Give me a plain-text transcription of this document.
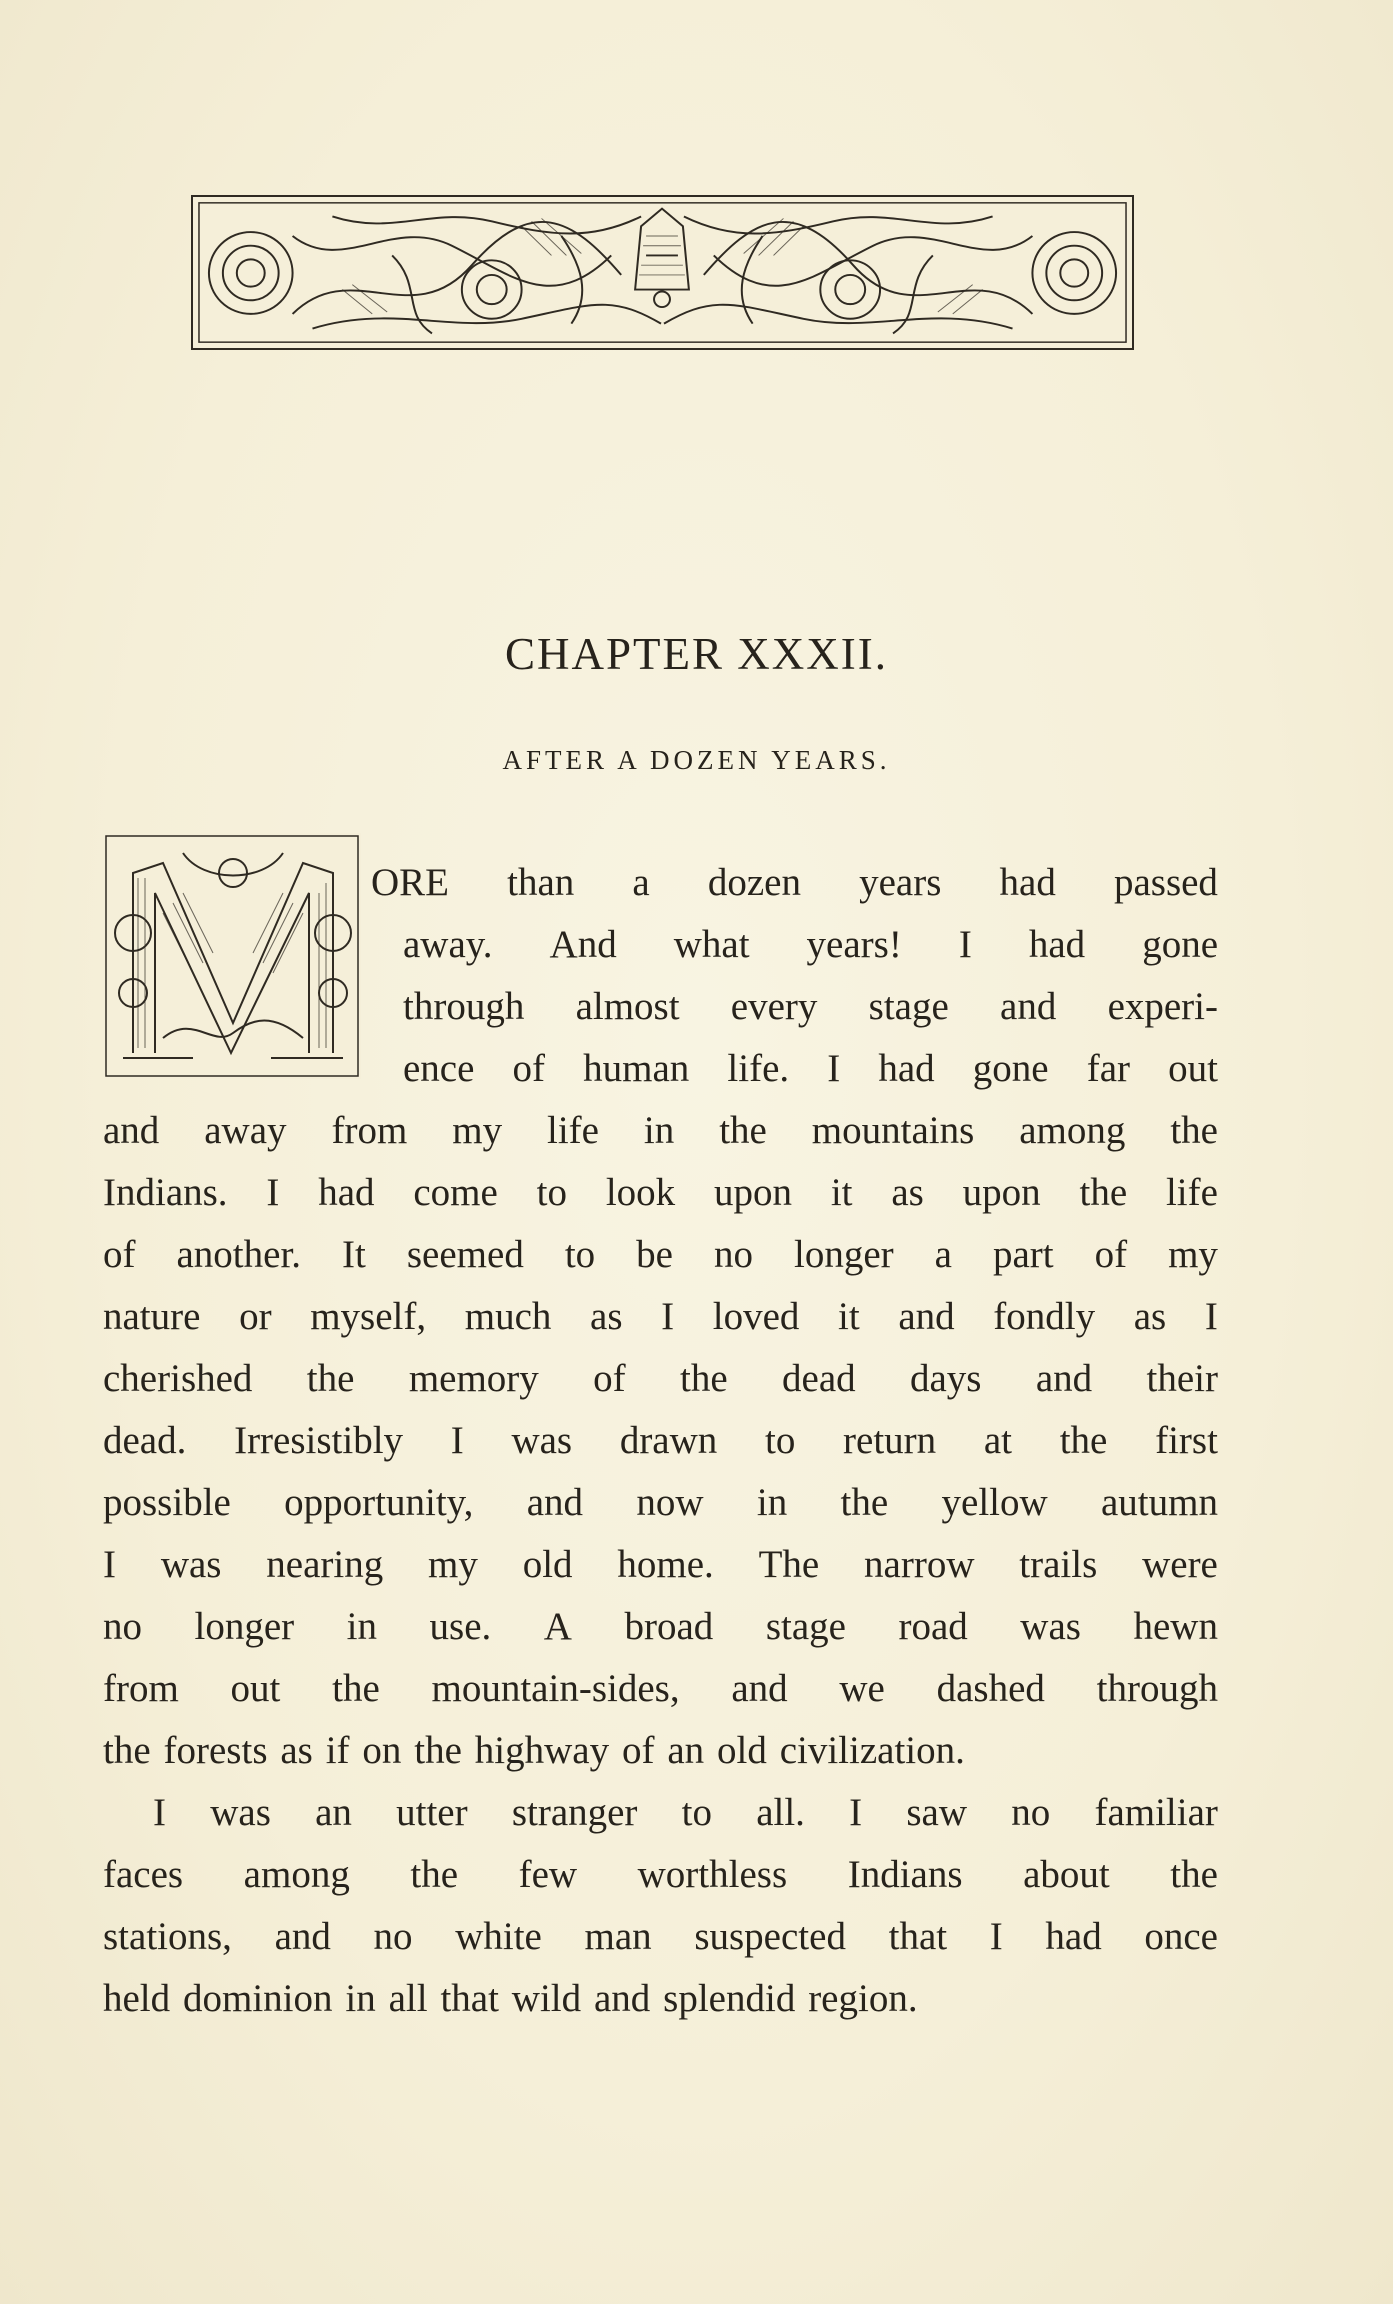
CHAPTER XXXII.
AFTER A DOZEN YEARS.
M
ORE than a dozen years had passed
away. And what years! I had gone
through almost every stage and experi-
ence of human life. I had gone far out
and away from my life in the mountains among the
Indians. I had come to look upon it as upon the life
of another. It seemed to be no longer a part of my
nature or myself, much as I loved it and fondly as I
cherished the memory of the dead days and their
dead. Irresistibly I was drawn to return at the first
possible opportunity, and now in the yellow autumn
I was nearing my old home. The narrow trails were
no longer in use. A broad stage road was hewn
from out the mountain-sides, and we dashed through
the forests as if on the highway of an old civilization.
I was an utter stranger to all. I saw no familiar
faces among the few worthless Indians about the
stations, and no white man suspected that I had once
held dominion in all that wild and splendid region.
